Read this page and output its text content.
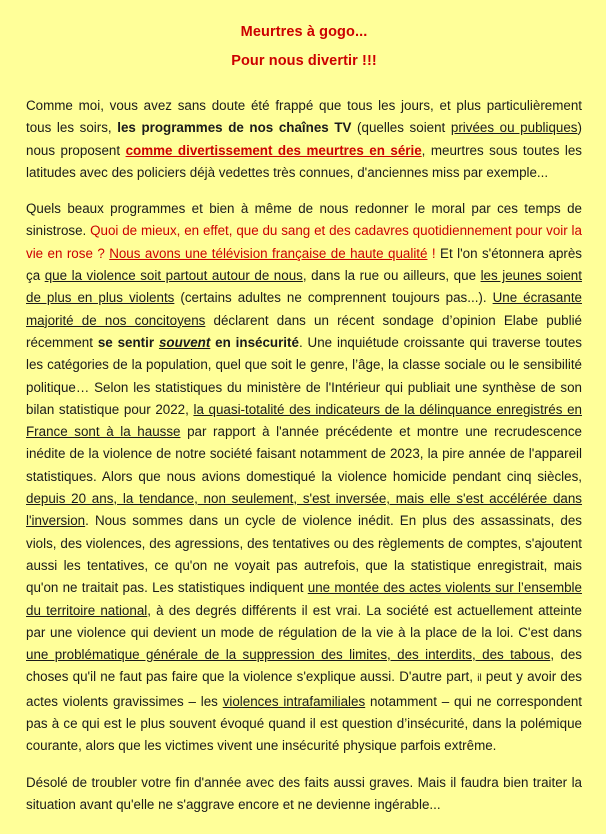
Meurtres à gogo...
Pour nous divertir !!!

Comme moi, vous avez sans doute été frappé que tous les jours, et plus particulièrement tous les soirs, les programmes de nos chaînes TV (quelles soient privées ou publiques) nous proposent comme divertissement des meurtres en série, meurtres sous toutes les latitudes avec des policiers déjà vedettes très connues, d'anciennes miss par exemple...

Quels beaux programmes et bien à même de nous redonner le moral par ces temps de sinistrose. Quoi de mieux, en effet, que du sang et des cadavres quotidiennement pour voir la vie en rose ? Nous avons une télévision française de haute qualité ! Et l'on s'étonnera après ça que la violence soit partout autour de nous, dans la rue ou ailleurs, que les jeunes soient de plus en plus violents (certains adultes ne comprennent toujours pas...). Une écrasante majorité de nos concitoyens déclarent dans un récent sondage d’opinion Elabe publié récemment se sentir souvent en insécurité. Une inquiétude croissante qui traverse toutes les catégories de la population, quel que soit le genre, l’âge, la classe sociale ou le sensibilité politique… Selon les statistiques du ministère de l'Intérieur qui publiait une synthèse de son bilan statistique pour 2022, la quasi-totalité des indicateurs de la délinquance enregistrés en France sont à la hausse par rapport à l'année précédente et montre une recrudescence inédite de la violence de notre société faisant notamment de 2023, la pire année de l'appareil statistiques. Alors que nous avions domestiqué la violence homicide pendant cinq siècles, depuis 20 ans, la tendance, non seulement, s'est inversée, mais elle s'est accélérée dans l'inversion. Nous sommes dans un cycle de violence inédit. En plus des assassinats, des viols, des violences, des agressions, des tentatives ou des règlements de comptes, s'ajoutent aussi les tentatives, ce qu'on ne voyait pas autrefois, que la statistique enregistrait, mais qu'on ne traitait pas. Les statistiques indiquent une montée des actes violents sur l’ensemble du territoire national, à des degrés différents il est vrai. La société est actuellement atteinte par une violence qui devient un mode de régulation de la vie à la place de la loi. C'est dans une problématique générale de la suppression des limites, des interdits, des tabous, des choses qu'il ne faut pas faire que la violence s'explique aussi. D'autre part, il peut y avoir des actes violents gravissimes – les violences intrafamiliales notamment – qui ne correspondent pas à ce qui est le plus souvent évoqué quand il est question d’insécurité, dans la polémique courante, alors que les victimes vivent une insécurité physique parfois extrême.

Désolé de troubler votre fin d'année avec des faits aussi graves. Mais il faudra bien traiter la situation avant qu'elle ne s'aggrave encore et ne devienne ingérable...
